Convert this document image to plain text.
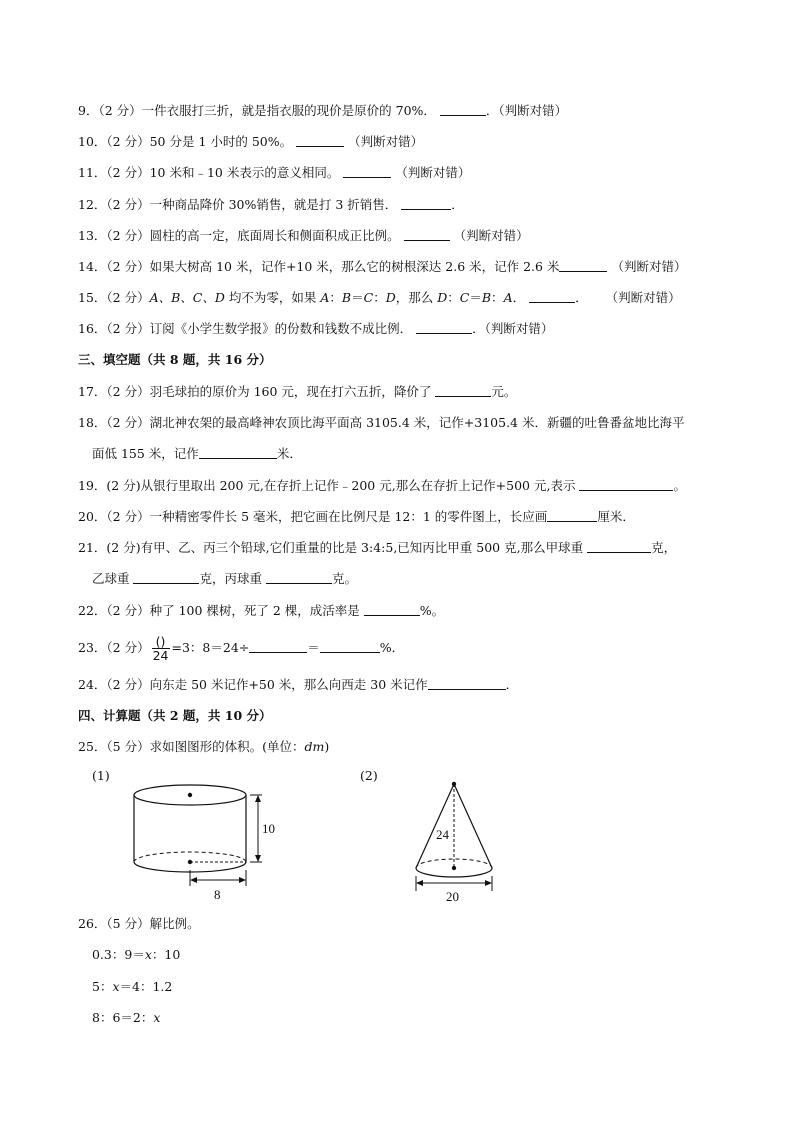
9．（2 分）一件衣服打三折，就是指衣服的现价是原价的 70%．	．（判断对错）
10．（2 分）50 分是 1 小时的 50%。	（判断对错）
11．（2 分）10 米和﹣10 米表示的意义相同。	（判断对错）
12．（2 分）一种商品降价 30%销售，就是打 3 折销售．	．
13．（2 分）圆柱的高一定，底面周长和侧面积成正比例。	（判断对错）
14．（2 分）如果大树高 10 米，记作+10 米，那么它的树根深达 2.6 米，记作 2.6 米	（判断对错）
15．（2 分）A、B、C、D 均不为零，如果 A：B＝C：D，那么 D：C＝B：A．	． （判断对错）
16．（2 分）订阅《小学生数学报》的份数和钱数不成比例．	．（判断对错）
三、填空题（共 8 题，共 16 分）
17．（2 分）羽毛球拍的原价为 160 元，现在打六五折，降价了	元。
18．（2 分）湖北神农架的最高峰神农顶比海平面高 3105.4 米，记作+3105.4 米．新疆的吐鲁番盆地比海平
面低 155 米，记作	米．
19．(2 分)从银行里取出 200 元,在存折上记作﹣200 元,那么在存折上记作+500 元,表示	。
20．（2 分）一种精密零件长 5 毫米，把它画在比例尺是 12：1 的零件图上，长应画	厘米．
21．(2 分)有甲、乙、丙三个铅球,它们重量的比是 3:4:5,已知丙比甲重 500 克,那么甲球重	克，
乙球重	克，丙球重	克。
22．（2 分）种了 100 棵树，死了 2 棵，成活率是	%。
23．（2 分） $\frac{()}{24} =3$：8＝24÷	＝	%．
24．（2 分）向东走 50 米记作+50 米，那么向西走 30 米记作	．
四、计算题（共 2 题，共 10 分）
25．（5 分）求如图图形的体积。(单位：dm)
(1)
10
8
(2)
24
20
26．（5 分）解比例。
0.3：9＝x：10
5：x＝4：1.2
8：6＝2：x
